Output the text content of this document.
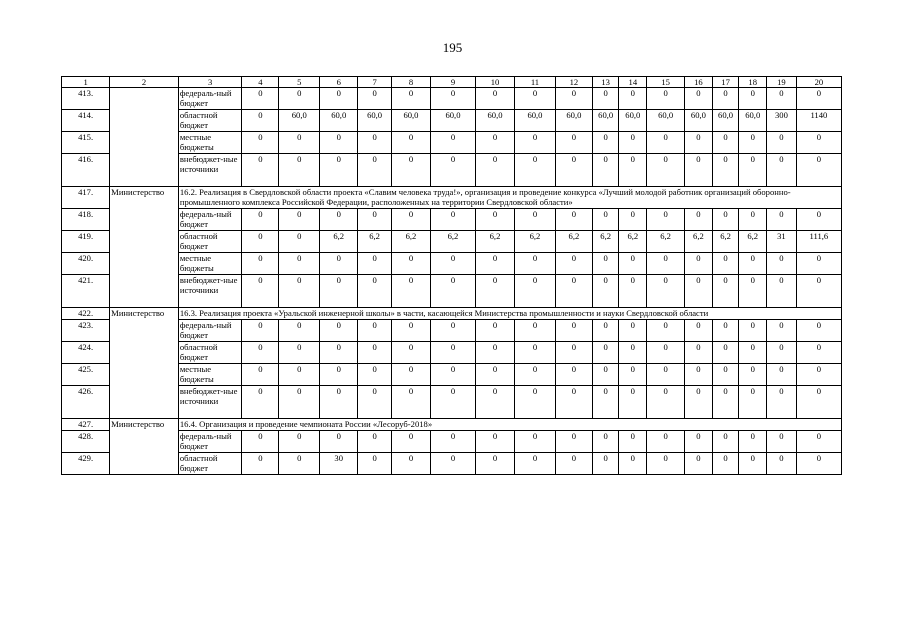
195
1	2	3	4	5	6	7	8	9	10	11	12	13	14	15	16	17	18	19	20
413.		федераль-ный бюджет	0	0	0	0	0	0	0	0	0	0	0	0	0	0	0	0	0
414.		областной бюджет	0	60,0	60,0	60,0	60,0	60,0	60,0	60,0	60,0	60,0	60,0	60,0	60,0	60,0	60,0	300	1140
415.		местные бюджеты	0	0	0	0	0	0	0	0	0	0	0	0	0	0	0	0	0
416.		внебюджет-ные источники	0	0	0	0	0	0	0	0	0	0	0	0	0	0	0	0	0
417.	Министерство	16.2. Реализация в Свердловской области проекта «Славим человека труда!», организация и проведение конкурса «Лучший молодой работник организаций оборонно-промышленного комплекса Российской Федерации, расположенных на территории Свердловской области»																	
418.		федераль-ный бюджет	0	0	0	0	0	0	0	0	0	0	0	0	0	0	0	0	0
419.		областной бюджет	0	0	6,2	6,2	6,2	6,2	6,2	6,2	6,2	6,2	6,2	6,2	6,2	6,2	6,2	31	111,6
420.		местные бюджеты	0	0	0	0	0	0	0	0	0	0	0	0	0	0	0	0	0
421.		внебюджет-ные источники	0	0	0	0	0	0	0	0	0	0	0	0	0	0	0	0	0
422.	Министерство	16.3. Реализация проекта «Уральской инженерной школы» в части, касающейся Министерства промышленности и науки Свердловской области																	
423.		федераль-ный бюджет	0	0	0	0	0	0	0	0	0	0	0	0	0	0	0	0	0
424.		областной бюджет	0	0	0	0	0	0	0	0	0	0	0	0	0	0	0	0	0
425.		местные бюджеты	0	0	0	0	0	0	0	0	0	0	0	0	0	0	0	0	0
426.		внебюджет-ные источники	0	0	0	0	0	0	0	0	0	0	0	0	0	0	0	0	0
427.	Министерство	16.4. Организация и проведение чемпионата России «Лесоруб-2018»																	
428.		федераль-ный бюджет	0	0	0	0	0	0	0	0	0	0	0	0	0	0	0	0	0
429.		областной бюджет	0	0	30	0	0	0	0	0	0	0	0	0	0	0	0	0	0
